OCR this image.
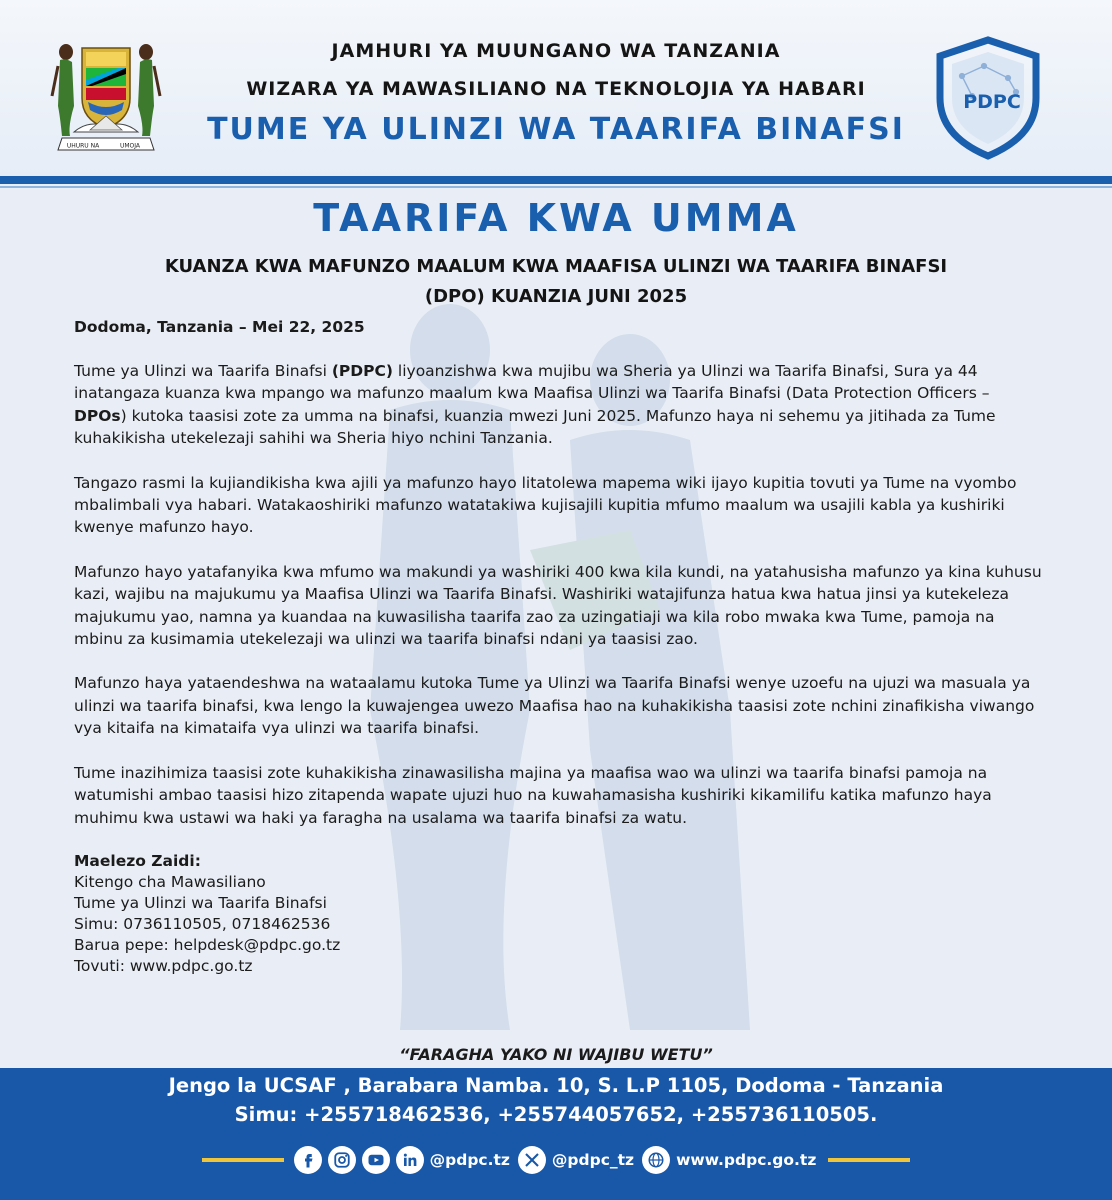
UHURU NA	UMOJA
JAMHURI YA MUUNGANO WA TANZANIA
WIZARA YA MAWASILIANO NA TEKNOLOJIA YA HABARI
TUME YA ULINZI WA TAARIFA BINAFSI
PDPC
TAARIFA KWA UMMA
KUANZA KWA MAFUNZO MAALUM KWA MAAFISA ULINZI WA TAARIFA BINAFSI
(DPO) KUANZIA JUNI 2025
Dodoma, Tanzania – Mei 22, 2025

Tume ya Ulinzi wa Taarifa Binafsi (PDPC) liyoanzishwa kwa mujibu wa Sheria ya Ulinzi wa Taarifa Binafsi, Sura ya 44 inatangaza kuanza kwa mpango wa mafunzo maalum kwa Maafisa Ulinzi wa Taarifa Binafsi (Data Protection Officers – DPOs) kutoka taasisi zote za umma na binafsi, kuanzia mwezi Juni 2025. Mafunzo haya ni sehemu ya jitihada za Tume kuhakikisha utekelezaji sahihi wa Sheria hiyo nchini Tanzania.

Tangazo rasmi la kujiandikisha kwa ajili ya mafunzo hayo litatolewa mapema wiki ijayo kupitia tovuti ya Tume na vyombo mbalimbali vya habari. Watakaoshiriki mafunzo watatakiwa kujisajili kupitia mfumo maalum wa usajili kabla ya kushiriki kwenye mafunzo hayo.

Mafunzo hayo yatafanyika kwa mfumo wa makundi ya washiriki 400 kwa kila kundi, na yatahusisha mafunzo ya kina kuhusu kazi, wajibu na majukumu ya Maafisa Ulinzi wa Taarifa Binafsi. Washiriki watajifunza hatua kwa hatua jinsi ya kutekeleza majukumu yao, namna ya kuandaa na kuwasilisha taarifa zao za uzingatiaji wa kila robo mwaka kwa Tume, pamoja na mbinu za kusimamia utekelezaji wa ulinzi wa taarifa binafsi ndani ya taasisi zao.

Mafunzo haya yataendeshwa na wataalamu kutoka Tume ya Ulinzi wa Taarifa Binafsi wenye uzoefu na ujuzi wa masuala ya ulinzi wa taarifa binafsi, kwa lengo la kuwajengea uwezo Maafisa hao na kuhakikisha taasisi zote nchini zinafikisha viwango vya kitaifa na kimataifa vya ulinzi wa taarifa binafsi.

Tume inazihimiza taasisi zote kuhakikisha zinawasilisha majina ya maafisa wao wa ulinzi wa taarifa binafsi pamoja na watumishi ambao taasisi hizo zitapenda wapate ujuzi huo na kuwahamasisha kushiriki kikamilifu katika mafunzo haya muhimu kwa ustawi wa haki ya faragha na usalama wa taarifa binafsi za watu.

Maelezo Zaidi:
Kitengo cha Mawasiliano
Tume ya Ulinzi wa Taarifa Binafsi
Simu: 0736110505, 0718462536
Barua pepe: helpdesk@pdpc.go.tz
Tovuti: www.pdpc.go.tz
“FARAGHA YAKO NI WAJIBU WETU”
Jengo la UCSAF , Barabara Namba. 10, S. L.P 1105, Dodoma - Tanzania
Simu: +255718462536, +255744057652, +255736110505.
@pdpc.tz	@pdpc_tz	www.pdpc.go.tz
